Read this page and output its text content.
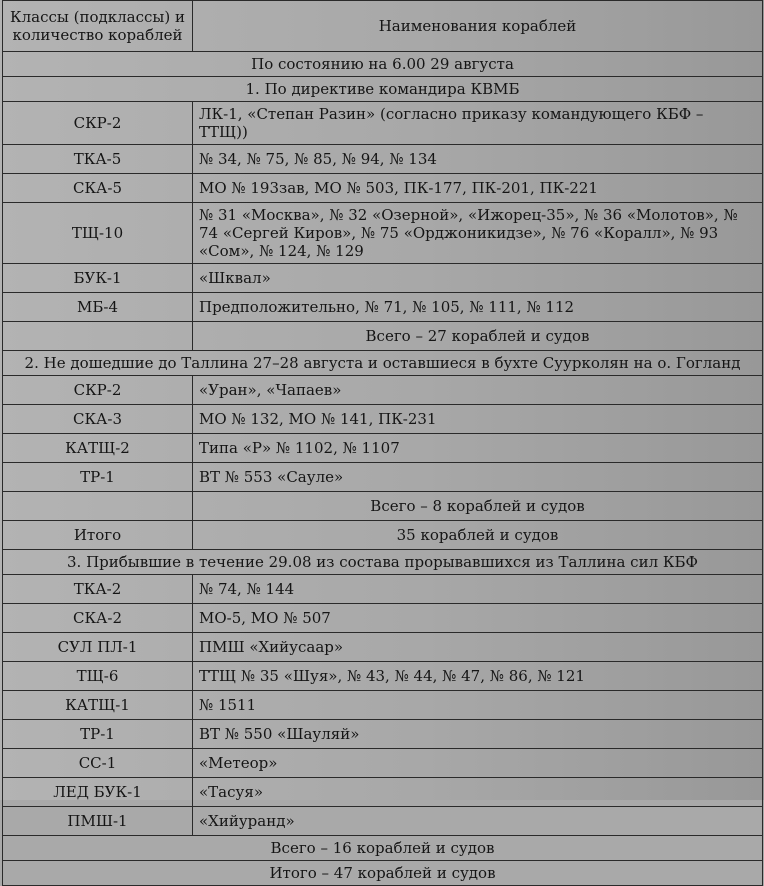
Классы (подклассы) и количество кораблей	Наименования кораблей
По состоянию на 6.00 29 августа	
1. По директиве командира КВМБ	
СКР-2	ЛК-1, «Степан Разин» (согласно приказу командующего КБФ – ТТЩ))
ТКА-5	№ 34, № 75, № 85, № 94, № 134
СКА-5	МО № 193зав, МО № 503, ПК-177, ПК-201, ПК-221
ТЩ-10	№ 31 «Москва», № 32 «Озерной», «Ижорец-35», № 36 «Молотов», № 74 «Сергей Киров», № 75 «Орджоникидзе», № 76 «Коралл», № 93 «Сом», № 124, № 129
БУК-1	«Шквал»
МБ-4	Предположительно, № 71, № 105, № 111, № 112
	Всего – 27 кораблей и судов
2. Не дошедшие до Таллина 27–28 августа и оставшиеся в бухте Суурколян на о. Гогланд	
СКР-2	«Уран», «Чапаев»
СКА-3	МО № 132, МО № 141, ПК-231
КАТЩ-2	Типа «Р» № 1102, № 1107
ТР-1	ВТ № 553 «Сауле»
	Всего – 8 кораблей и судов
Итого	35 кораблей и судов
3. Прибывшие в течение 29.08 из состава прорывавшихся из Таллина сил КБФ	
ТКА-2	№ 74, № 144
СКА-2	МО-5, МО № 507
СУЛ ПЛ-1	ПМШ «Хийусаар»
ТЩ-6	ТТЩ № 35 «Шуя», № 43, № 44, № 47, № 86, № 121
КАТЩ-1	№ 1511
ТР-1	ВТ № 550 «Шауляй»
СС-1	«Метеор»
ЛЕД БУК-1	«Тасуя»
ПМШ-1	«Хийуранд»
Всего – 16 кораблей и судов	
Итого – 47 кораблей и судов	
